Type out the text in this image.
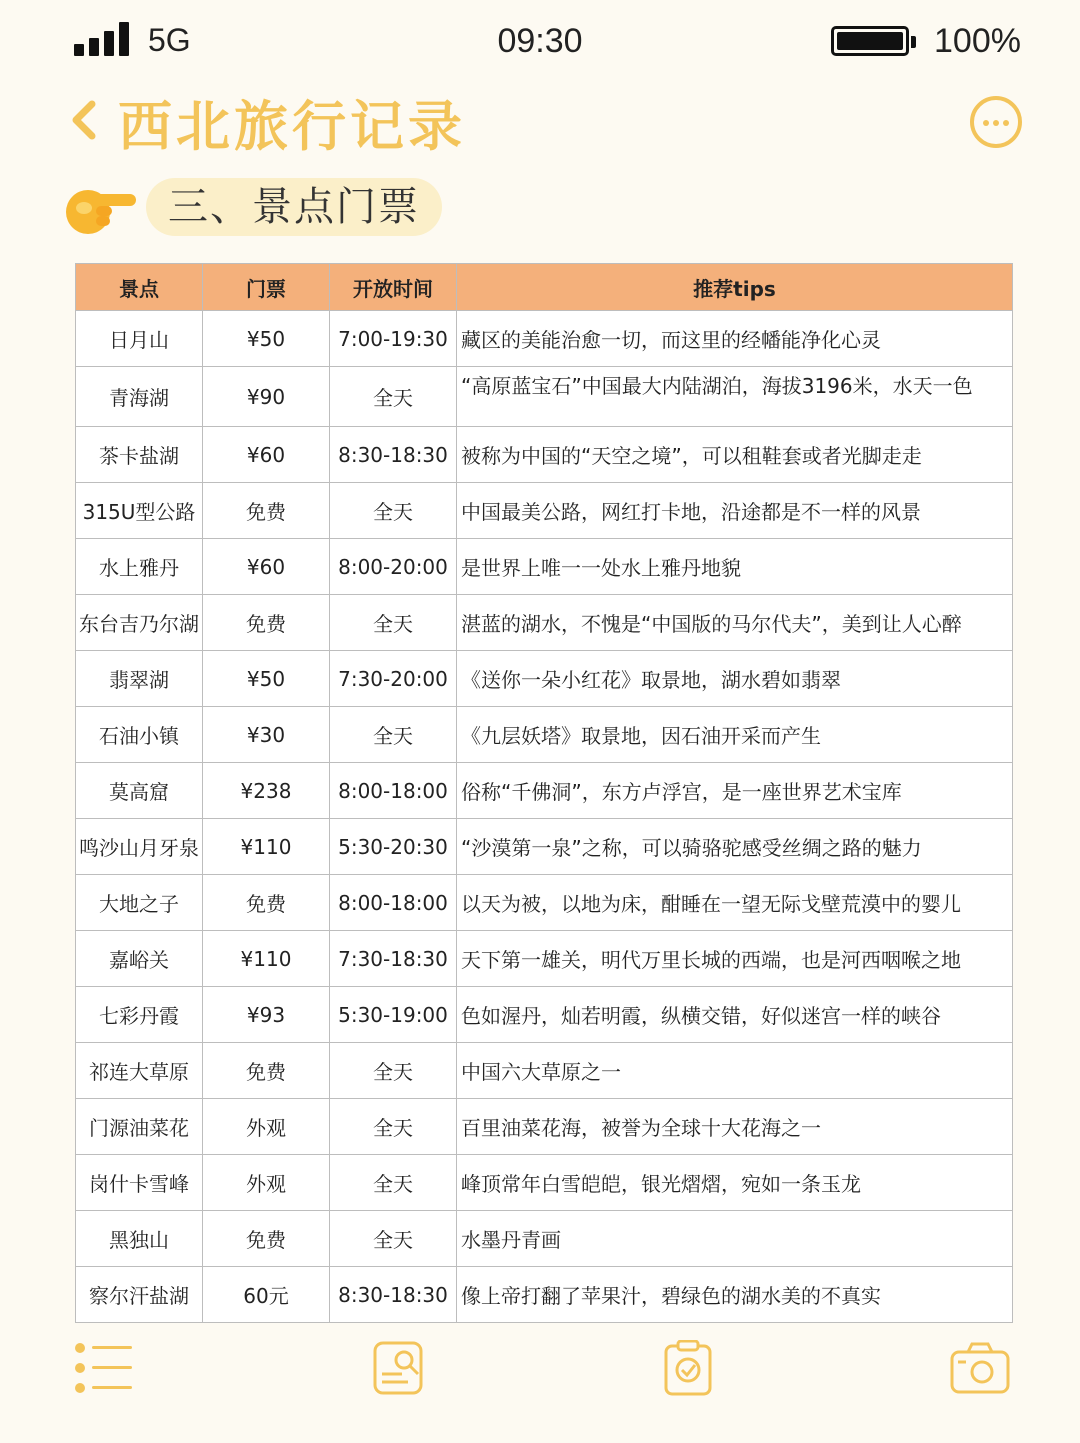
5G	09:30	100%
西北旅行记录
三、景点门票
景点	门票	开放时间	推荐tips
日月山	¥50	7:00-19:30	藏区的美能治愈一切，而这里的经幡能净化心灵
青海湖	¥90	全天	“高原蓝宝石”中国最大内陆湖泊，海拔3196米，水天一色
茶卡盐湖	¥60	8:30-18:30	被称为中国的“天空之境”，可以租鞋套或者光脚走走
315U型公路	免费	全天	中国最美公路，网红打卡地，沿途都是不一样的风景
水上雅丹	¥60	8:00-20:00	是世界上唯一一处水上雅丹地貌
东台吉乃尔湖	免费	全天	湛蓝的湖水，不愧是“中国版的马尔代夫”，美到让人心醉
翡翠湖	¥50	7:30-20:00	《送你一朵小红花》取景地，湖水碧如翡翠
石油小镇	¥30	全天	《九层妖塔》取景地，因石油开采而产生
莫高窟	¥238	8:00-18:00	俗称“千佛洞”，东方卢浮宫，是一座世界艺术宝库
鸣沙山月牙泉	¥110	5:30-20:30	“沙漠第一泉”之称，可以骑骆驼感受丝绸之路的魅力
大地之子	免费	8:00-18:00	以天为被，以地为床，酣睡在一望无际戈壁荒漠中的婴儿
嘉峪关	¥110	7:30-18:30	天下第一雄关，明代万里长城的西端，也是河西咽喉之地
七彩丹霞	¥93	5:30-19:00	色如渥丹，灿若明霞，纵横交错，好似迷宫一样的峡谷
祁连大草原	免费	全天	中国六大草原之一
门源油菜花	外观	全天	百里油菜花海，被誉为全球十大花海之一
岗什卡雪峰	外观	全天	峰顶常年白雪皑皑，银光熠熠，宛如一条玉龙
黑独山	免费	全天	水墨丹青画
察尔汗盐湖	60元	8:30-18:30	像上帝打翻了苹果汁，碧绿色的湖水美的不真实
